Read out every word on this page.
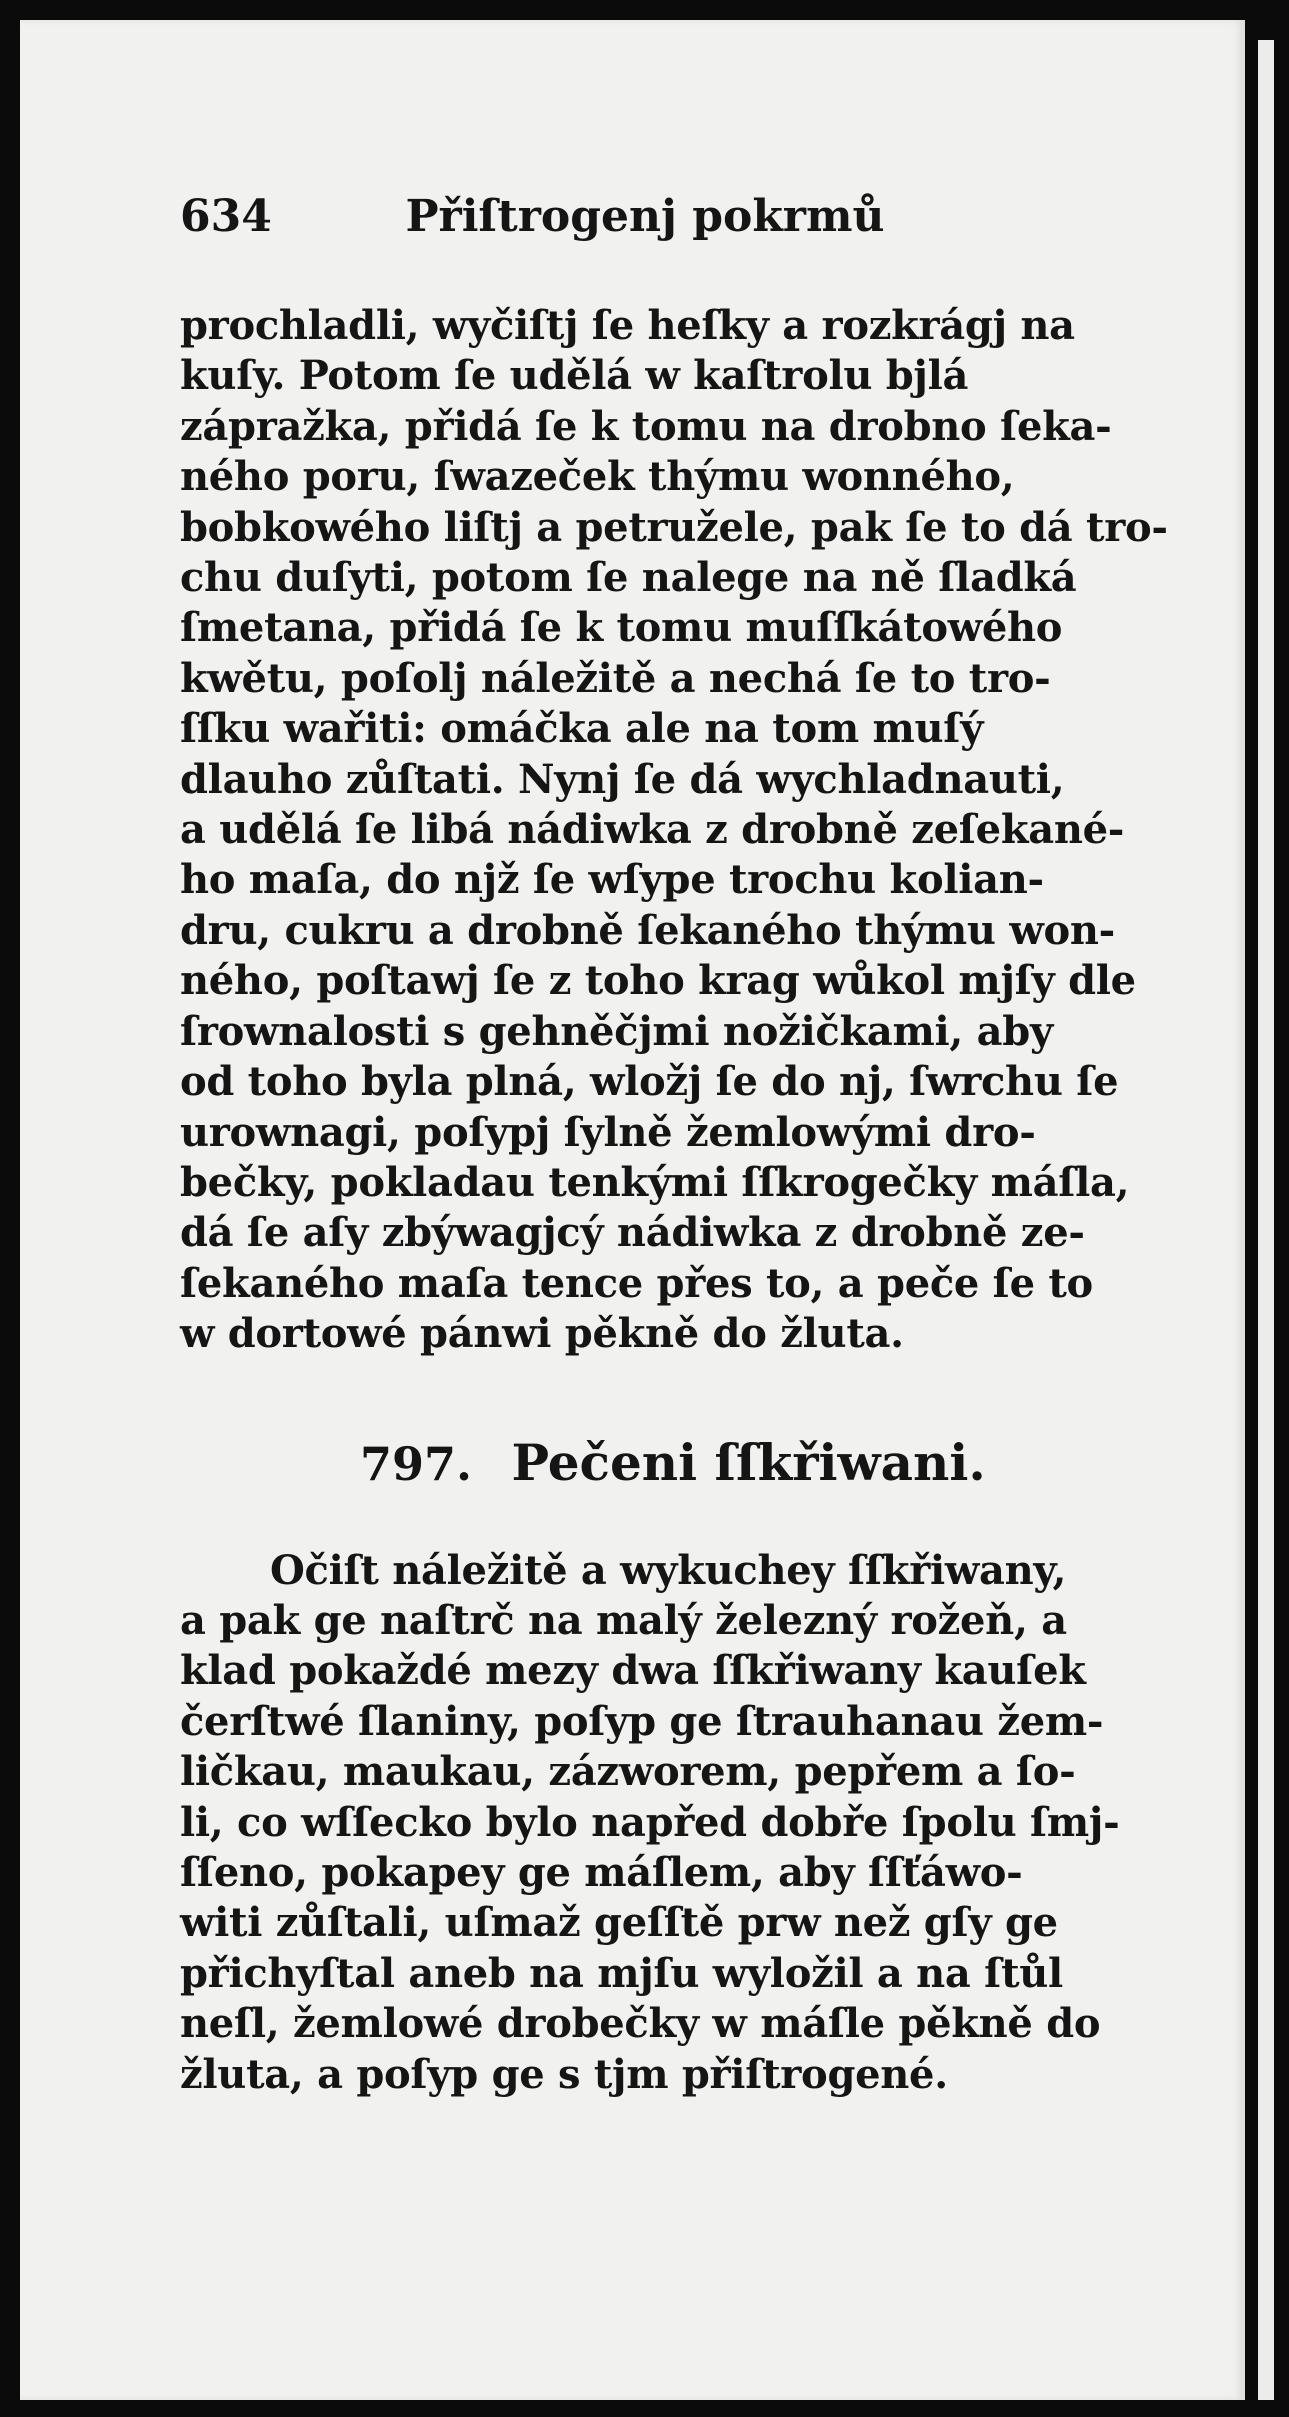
634	Přiſtrogenj pokrmů
prochladli, wyčiſtj ſe heſky a rozkrágj na
kuſy. Potom ſe udělá w kaſtrolu bjlá
zápražka, přidá ſe k tomu na drobno ſeka-
ného poru, ſwazeček thýmu wonného,
bobkowého liſtj a petružele, pak ſe to dá tro-
chu duſyti, potom ſe nalege na ně ſladká
ſmetana, přidá ſe k tomu muſſkátowého
kwětu, poſolj náležitě a nechá ſe to tro-
ſſku wařiti: omáčka ale na tom muſý
dlauho zůſtati. Nynj ſe dá wychladnauti,
a udělá ſe libá nádiwka z drobně zeſekané-
ho maſa, do njž ſe wſype trochu kolian-
dru, cukru a drobně ſekaného thýmu won-
ného, poſtawj ſe z toho krag wůkol mjſy dle
ſrownalosti s gehněčjmi nožičkami, aby
od toho byla plná, wložj ſe do nj, ſwrchu ſe
urownagi, poſypj ſylně žemlowými dro-
bečky, pokladau tenkými ſſkrogečky máſla,
dá ſe aſy zbýwagjcý nádiwka z drobně ze-
ſekaného maſa tence přes to, a peče ſe to
w dortowé pánwi pěkně do žluta.
797. Pečeni ſſkřiwani.
Očiſt náležitě a wykuchey ſſkřiwany,
a pak ge naſtrč na malý železný rožeň, a
klad pokaždé mezy dwa ſſkřiwany kauſek
čerſtwé ſlaniny, poſyp ge ſtrauhanau žem-
ličkau, maukau, zázworem, pepřem a ſo-
li, co wſſecko bylo napřed dobře ſpolu ſmj-
ſſeno, pokapey ge máſlem, aby ſſťáwo-
witi zůſtali, uſmaž geſſtě prw než gſy ge
přichyſtal aneb na mjſu wyložil a na ſtůl
neſl, žemlowé drobečky w máſle pěkně do
žluta, a poſyp ge s tjm přiſtrogené.
